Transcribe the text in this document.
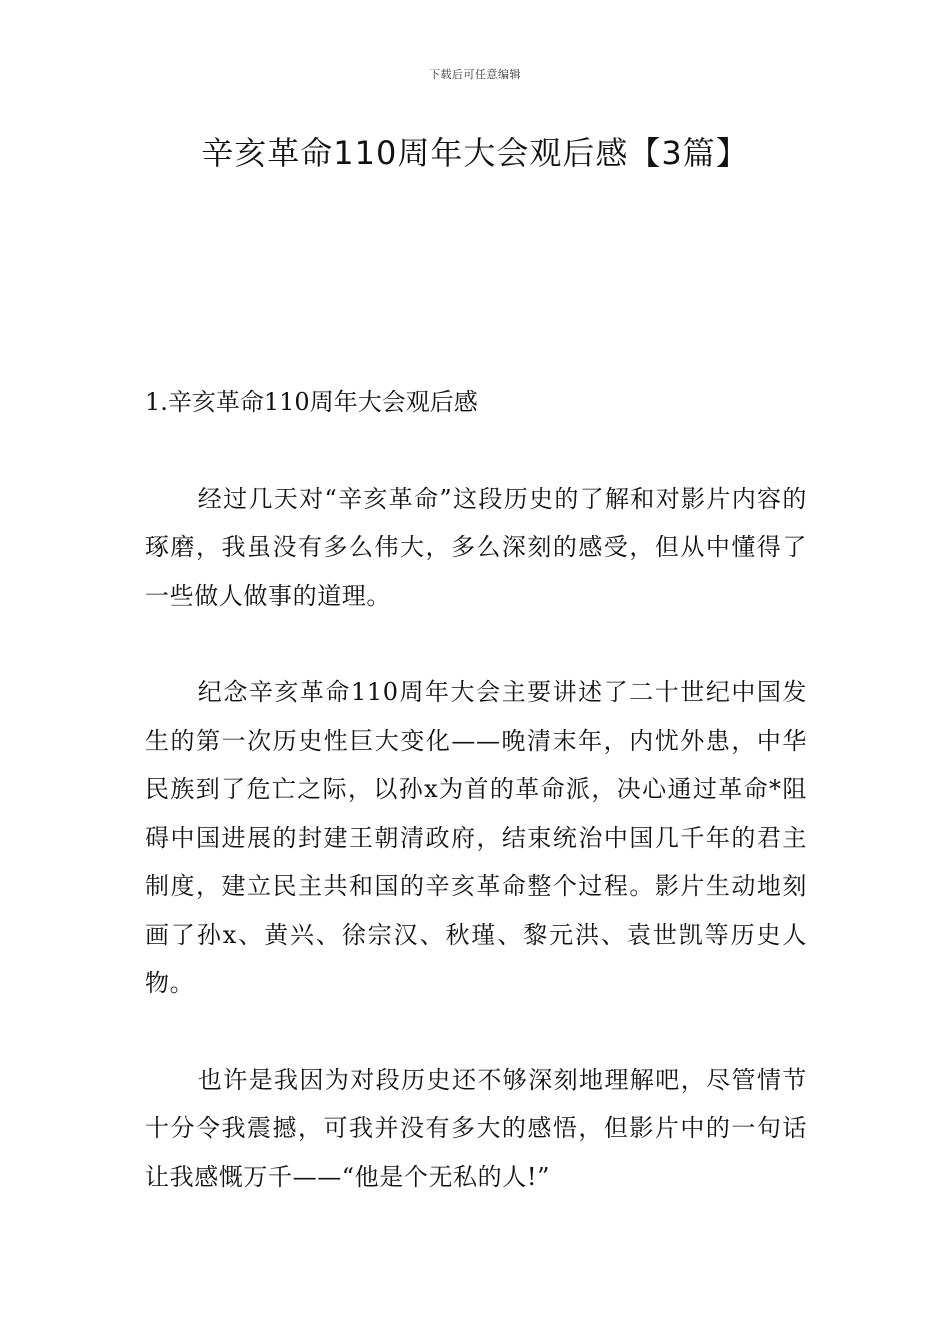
下载后可任意编辑
辛亥革命110周年大会观后感【3篇】

1.辛亥革命110周年大会观后感

经过几天对“辛亥革命”这段历史的了解和对影片内容的琢磨，我虽没有多么伟大，多么深刻的感受，但从中懂得了一些做人做事的道理。

纪念辛亥革命110周年大会主要讲述了二十世纪中国发生的第一次历史性巨大变化——晚清末年，内忧外患，中华民族到了危亡之际，以孙x为首的革命派，决心通过革命*阻碍中国进展的封建王朝清政府，结束统治中国几千年的君主制度，建立民主共和国的辛亥革命整个过程。影片生动地刻画了孙x、黄兴、徐宗汉、秋瑾、黎元洪、袁世凯等历史人物。

也许是我因为对段历史还不够深刻地理解吧，尽管情节十分令我震撼，可我并没有多大的感悟，但影片中的一句话让我感慨万千——“他是个无私的人!”
